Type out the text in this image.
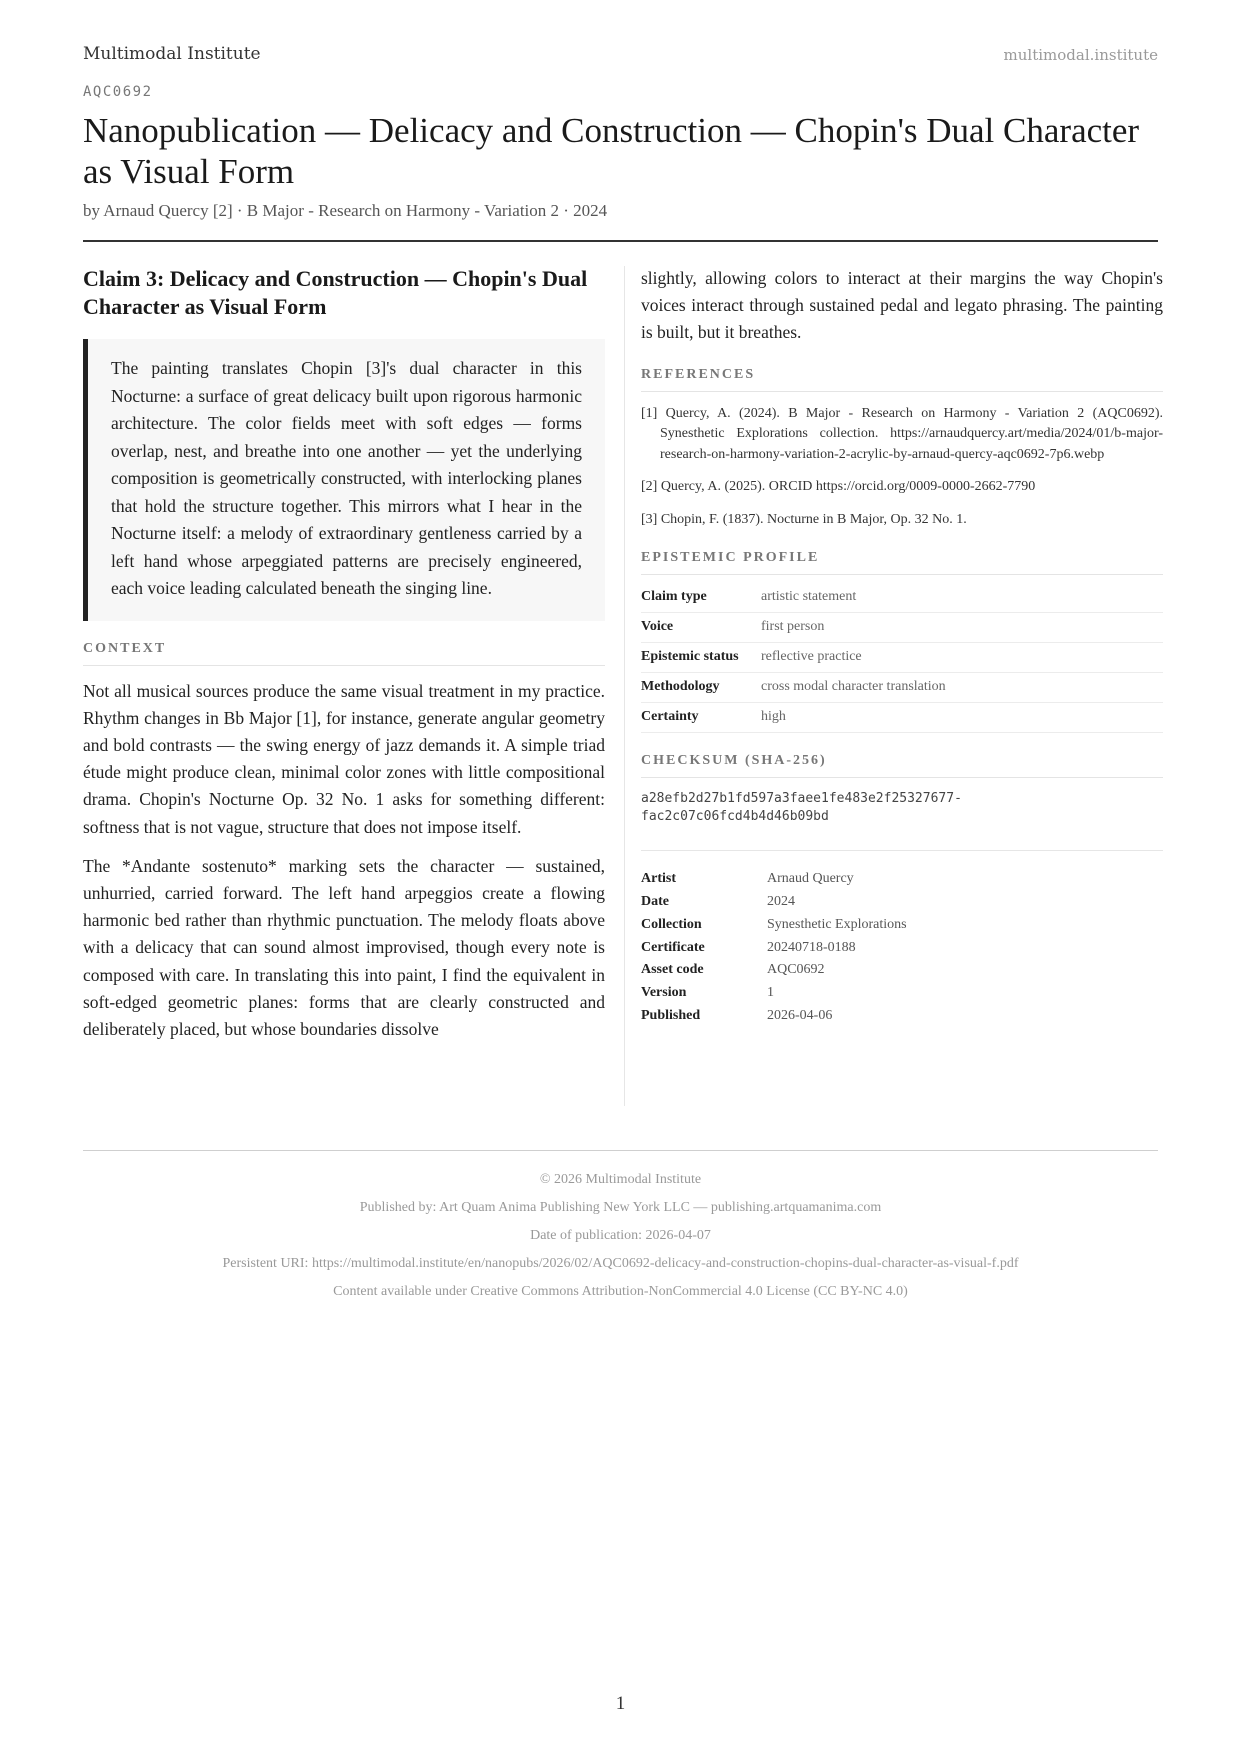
Multimodal Institute	multimodal.institute
AQC0692
Nanopublication — Delicacy and Construction — Chopin's Dual Character as Visual Form
by Arnaud Quercy [2] · B Major - Research on Harmony - Variation 2 · 2024
Claim 3: Delicacy and Construction — Chopin's Dual Character as Visual Form
The painting translates Chopin [3]'s dual character in this Nocturne: a surface of great delicacy built upon rigorous harmonic architecture. The color fields meet with soft edges — forms overlap, nest, and breathe into one another — yet the underlying composition is geometrically constructed, with interlocking planes that hold the structure together. This mirrors what I hear in the Nocturne itself: a melody of extraordinary gentleness carried by a left hand whose arpeggiated patterns are precisely engineered, each voice leading calculated beneath the singing line.
CONTEXT

Not all musical sources produce the same visual treatment in my practice. Rhythm changes in Bb Major [1], for instance, generate angular geometry and bold contrasts — the swing energy of jazz demands it. A simple triad étude might produce clean, minimal color zones with little compositional drama. Chopin's Nocturne Op. 32 No. 1 asks for something different: softness that is not vague, structure that does not impose itself.

The *Andante sostenuto* marking sets the character — sustained, unhurried, carried forward. The left hand arpeggios create a flowing harmonic bed rather than rhythmic punctuation. The melody floats above with a delicacy that can sound almost improvised, though every note is composed with care. In translating this into paint, I find the equivalent in soft-edged geometric planes: forms that are clearly constructed and deliberately placed, but whose boundaries dissolve

slightly, allowing colors to interact at their margins the way Chopin's voices interact through sustained pedal and legato phrasing. The painting is built, but it breathes.

REFERENCES
[1] Quercy, A. (2024). B Major - Research on Harmony - Variation 2 (AQC0692). Synesthetic Explorations collection. https://arnaudquercy.art/media/2024/01/b-major-research-on-harmony-variation-2-acrylic-by-arnaud-quercy-aqc0692-7p6.webp
[2] Quercy, A. (2025). ORCID https://orcid.org/0009-0000-2662-7790
[3] Chopin, F. (1837). Nocturne in B Major, Op. 32 No. 1.
EPISTEMIC PROFILE
Claim type	artistic statement
Voice	first person
Epistemic status	reflective practice
Methodology	cross modal character translation
Certainty	high
CHECKSUM (SHA-256)
a28efb2d27b1fd597a3faee1fe483e2f25327677-
fac2c07c06fcd4b4d46b09bd
Artist	Arnaud Quercy
Date	2024
Collection	Synesthetic Explorations
Certificate	20240718-0188
Asset code	AQC0692
Version	1
Published	2026-04-06
© 2026 Multimodal Institute
Published by: Art Quam Anima Publishing New York LLC — publishing.artquamanima.com
Date of publication: 2026-04-07
Persistent URI: https://multimodal.institute/en/nanopubs/2026/02/AQC0692-delicacy-and-construction-chopins-dual-character-as-visual-f.pdf
Content available under Creative Commons Attribution-NonCommercial 4.0 License (CC BY-NC 4.0)
1
